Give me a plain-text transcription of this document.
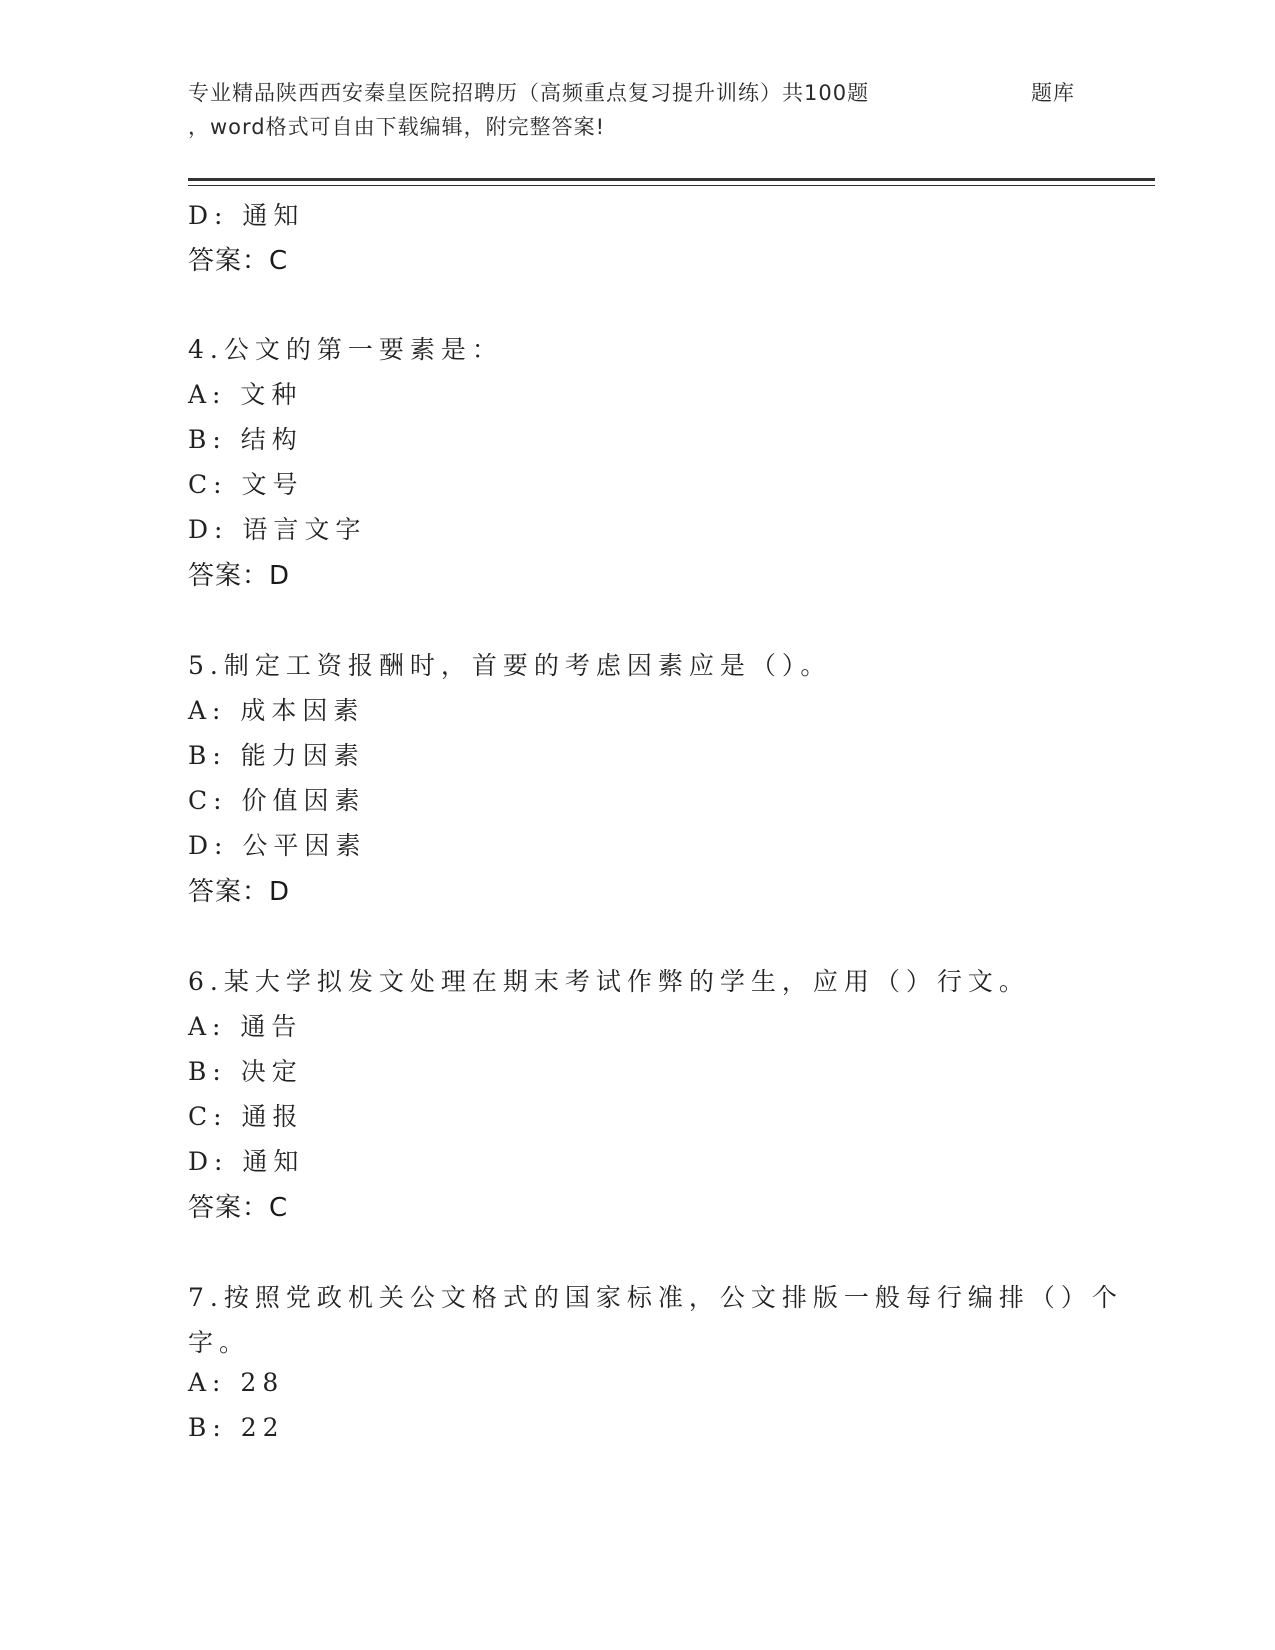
专业精品陕西西安秦皇医院招聘历（高频重点复习提升训练）共100题	题库
，word格式可自由下载编辑，附完整答案!
D: 通知
答案：C
4.公文的第一要素是：
A: 文种
B: 结构
C: 文号
D: 语言文字
答案：D
5.制定工资报酬时，首要的考虑因素应是（）。
A: 成本因素
B: 能力因素
C: 价值因素
D: 公平因素
答案：D
6.某大学拟发文处理在期末考试作弊的学生，应用（）行文。
A: 通告
B: 决定
C: 通报
D: 通知
答案：C
7.按照党政机关公文格式的国家标准，公文排版一般每行编排（）个
字。
A: 28
B: 22
